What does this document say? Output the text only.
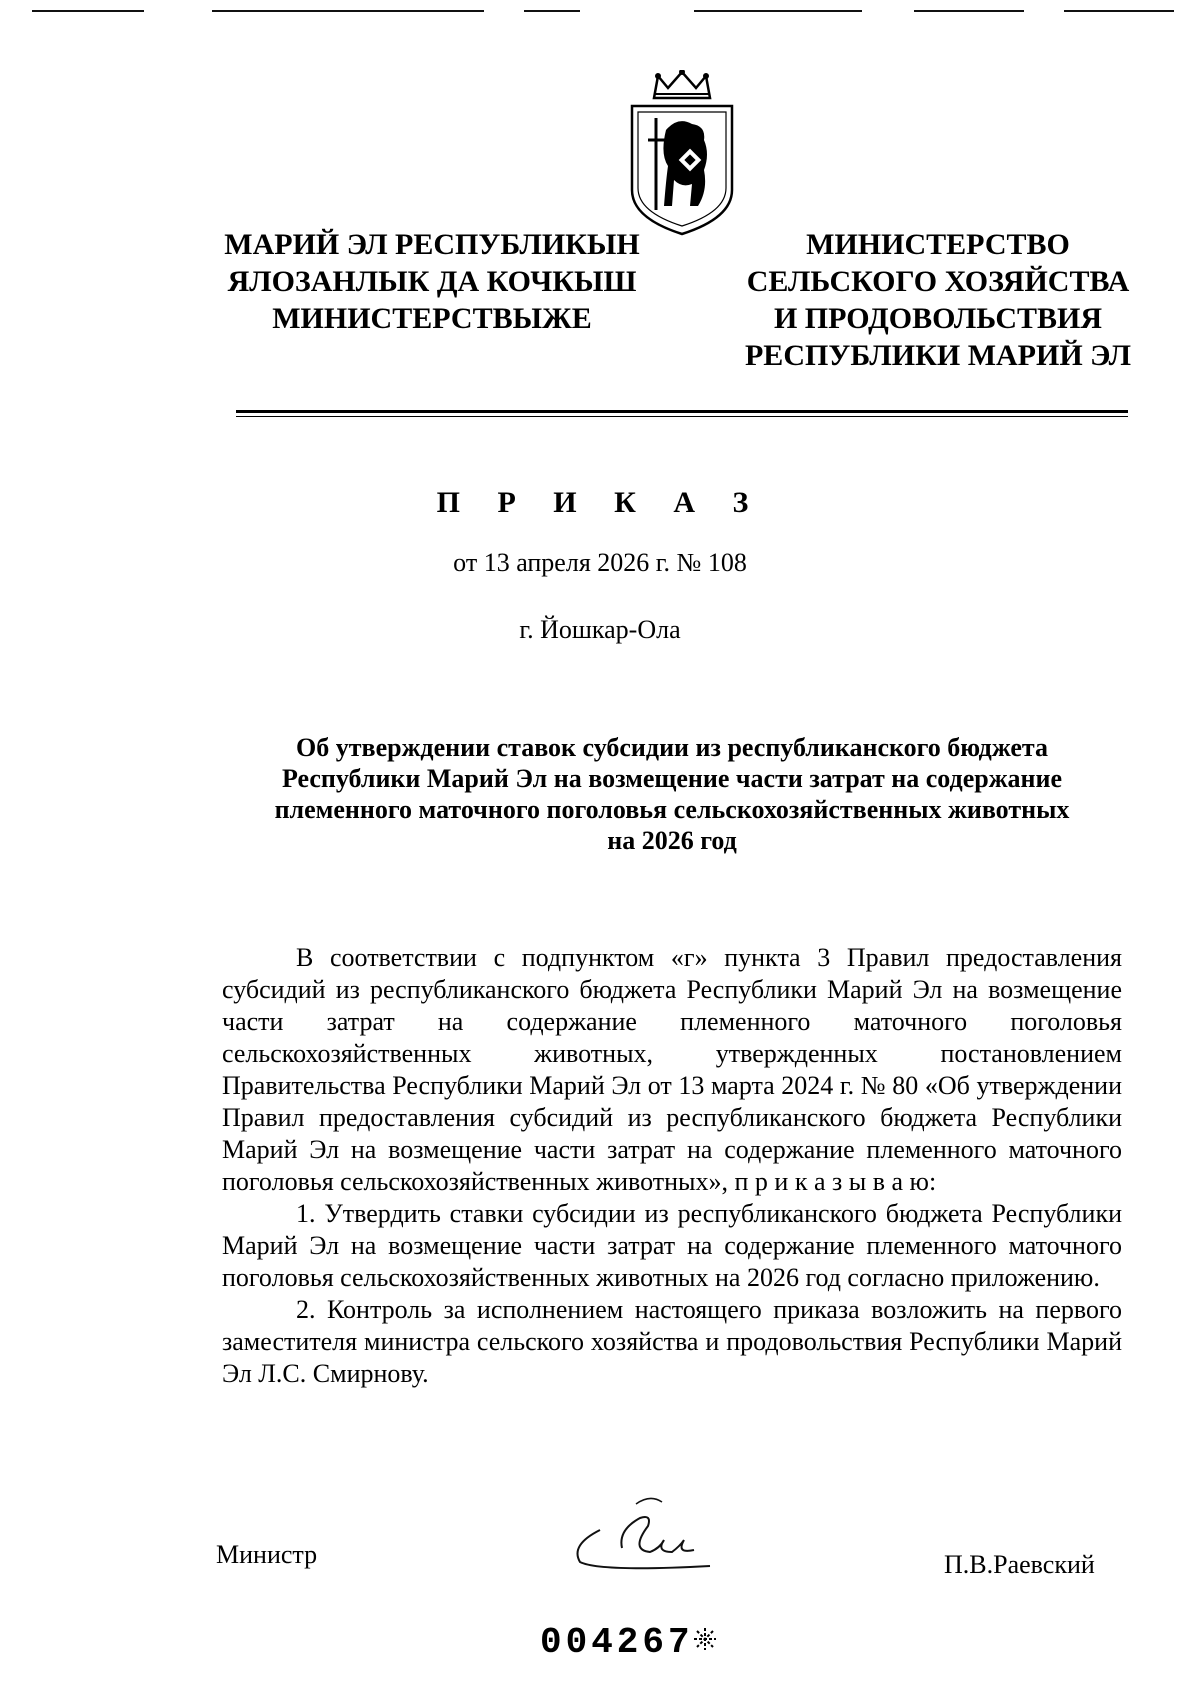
МАРИЙ ЭЛ РЕСПУБЛИКЫН
ЯЛОЗАНЛЫК ДА КОЧКЫШ
МИНИСТЕРСТВЫЖЕ
МИНИСТЕРСТВО
СЕЛЬСКОГО ХОЗЯЙСТВА
И ПРОДОВОЛЬСТВИЯ
РЕСПУБЛИКИ МАРИЙ ЭЛ
П Р И К А З
от 13 апреля 2026 г. № 108
г. Йошкар-Ола
Об утверждении ставок субсидии из республиканского бюджета
Республики Марий Эл на возмещение части затрат на содержание
племенного маточного поголовья сельскохозяйственных животных
на 2026 год

В соответствии с подпунктом «г» пункта 3 Правил предоставления субсидий из республиканского бюджета Республики Марий Эл на возмещение части затрат на содержание племенного маточного поголовья сельскохозяйственных животных, утвержденных постановлением Правительства Республики Марий Эл от 13 марта 2024 г. № 80 «Об утверждении Правил предоставления субсидий из республиканского бюджета Республики Марий Эл на возмещение части затрат на содержание племенного маточного поголовья сельскохозяйственных животных», п р и к а з ы в а ю:

1. Утвердить ставки субсидии из республиканского бюджета Республики Марий Эл на возмещение части затрат на содержание племенного маточного поголовья сельскохозяйственных животных на 2026 год согласно приложению.

2. Контроль за исполнением настоящего приказа возложить на первого заместителя министра сельского хозяйства и продовольствия Республики Марий Эл Л.С. Смирнову.

Министр	П.В.Раевский
004267
